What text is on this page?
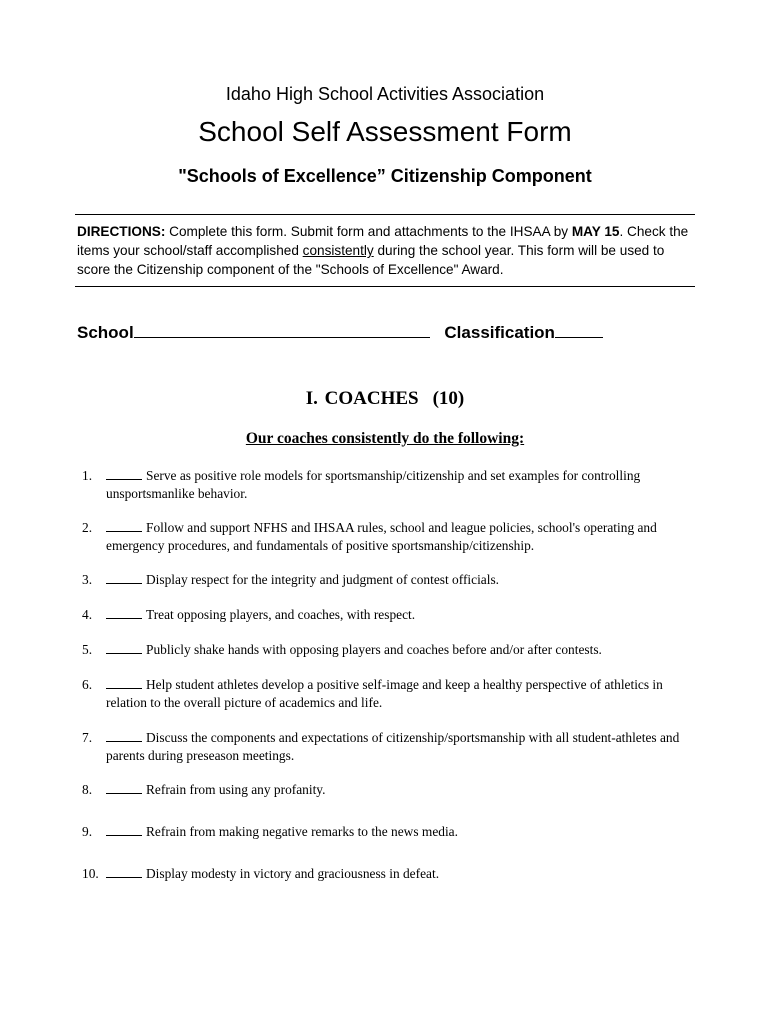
Idaho High School Activities Association
School Self Assessment Form
"Schools of Excellence” Citizenship Component
DIRECTIONS: Complete this form. Submit form and attachments to the IHSAA by MAY 15. Check the items your school/staff accomplished consistently during the school year. This form will be used to score the Citizenship component of the "Schools of Excellence" Award.
School	Classification
I. COACHES (10)
Our coaches consistently do the following:
1.	Serve as positive role models for sportsmanship/citizenship and set examples for controlling unsportsmanlike behavior.
2.	Follow and support NFHS and IHSAA rules, school and league policies, school's operating and emergency procedures, and fundamentals of positive sportsmanship/citizenship.
3.	Display respect for the integrity and judgment of contest officials.
4.	Treat opposing players, and coaches, with respect.
5.	Publicly shake hands with opposing players and coaches before and/or after contests.
6.	Help student athletes develop a positive self-image and keep a healthy perspective of athletics in relation to the overall picture of academics and life.
7.	Discuss the components and expectations of citizenship/sportsmanship with all student-athletes and parents during preseason meetings.
8.	Refrain from using any profanity.
9.	Refrain from making negative remarks to the news media.
10.	Display modesty in victory and graciousness in defeat.
